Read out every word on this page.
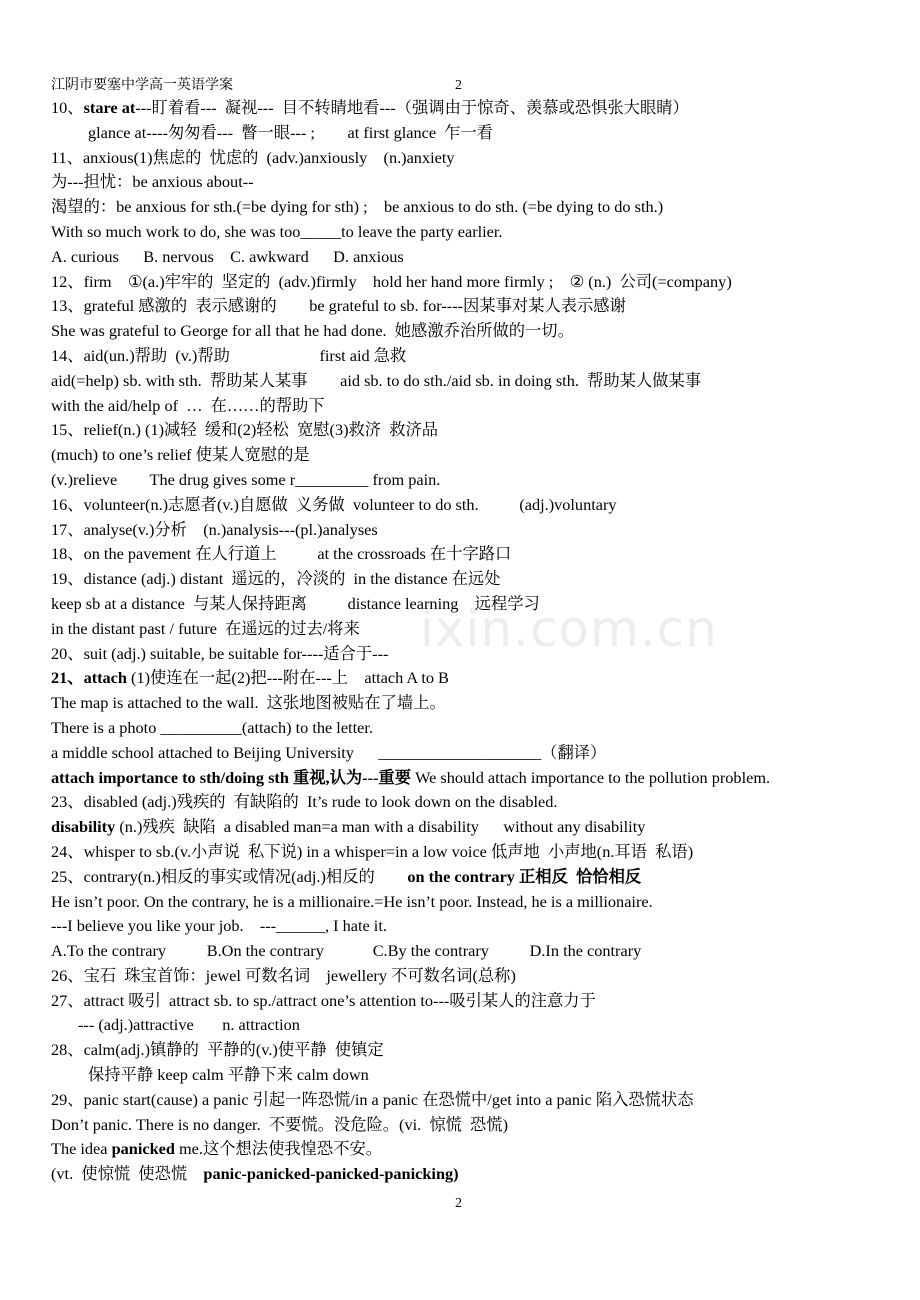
江阴市要塞中学高一英语学案	2
ixin.com.cn
10、stare at---盯着看---  凝视---  目不转睛地看---（强调由于惊奇、羡慕或恐惧张大眼睛）
glance at----匆匆看---  瞥一眼--- ;        at first glance  乍一看
11、anxious(1)焦虑的  忧虑的  (adv.)anxiously    (n.)anxiety
为---担忧：be anxious about--
渴望的：be anxious for sth.(=be dying for sth) ;    be anxious to do sth. (=be dying to do sth.)
With so much work to do, she was too_____to leave the party earlier.
A. curious      B. nervous    C. awkward      D. anxious
12、firm    ①(a.)牢牢的  坚定的  (adv.)firmly    hold her hand more firmly ;    ② (n.)  公司(=company)
13、grateful 感激的  表示感谢的        be grateful to sb. for----因某事对某人表示感谢
She was grateful to George for all that he had done.  她感激乔治所做的一切。
14、aid(un.)帮助  (v.)帮助                      first aid 急救
aid(=help) sb. with sth.  帮助某人某事        aid sb. to do sth./aid sb. in doing sth.  帮助某人做某事
with the aid/help of  …  在……的帮助下
15、relief(n.) (1)减轻  缓和(2)轻松  宽慰(3)救济  救济品
(much) to one’s relief 使某人宽慰的是
(v.)relieve        The drug gives some r_________ from pain.
16、volunteer(n.)志愿者(v.)自愿做  义务做  volunteer to do sth.          (adj.)voluntary
17、analyse(v.)分析    (n.)analysis---(pl.)analyses
18、on the pavement 在人行道上          at the crossroads 在十字路口
19、distance (adj.) distant  遥远的，冷淡的  in the distance 在远处
keep sb at a distance  与某人保持距离          distance learning    远程学习
in the distant past / future  在遥远的过去/将来
20、suit (adj.) suitable, be suitable for----适合于---
21、attach (1)使连在一起(2)把---附在---上    attach A to B
The map is attached to the wall.  这张地图被贴在了墙上。
There is a photo __________(attach) to the letter.
a middle school attached to Beijing University      ____________________（翻译）
attach importance to sth/doing sth 重视,认为---重要 We should attach importance to the pollution problem.
23、disabled (adj.)残疾的  有缺陷的  It’s rude to look down on the disabled.
disability (n.)残疾  缺陷  a disabled man=a man with a disability      without any disability
24、whisper to sb.(v.小声说  私下说) in a whisper=in a low voice 低声地  小声地(n.耳语  私语)
25、contrary(n.)相反的事实或情况(adj.)相反的        on the contrary 正相反  恰恰相反
He isn’t poor. On the contrary, he is a millionaire.=He isn’t poor. Instead, he is a millionaire.
---I believe you like your job.    ---______, I hate it.
A.To the contrary          B.On the contrary            C.By the contrary          D.In the contrary
26、宝石  珠宝首饰：jewel 可数名词    jewellery 不可数名词(总称)
27、attract 吸引  attract sb. to sp./attract one’s attention to---吸引某人的注意力于
--- (adj.)attractive       n. attraction
28、calm(adj.)镇静的  平静的(v.)使平静  使镇定
保持平静 keep calm 平静下来 calm down
29、panic start(cause) a panic 引起一阵恐慌/in a panic 在恐慌中/get into a panic 陷入恐慌状态
Don’t panic. There is no danger.  不要慌。没危险。(vi.  惊慌  恐慌)
The idea panicked me.这个想法使我惶恐不安。
(vt.  使惊慌  使恐慌    panic-panicked-panicked-panicking)
2
